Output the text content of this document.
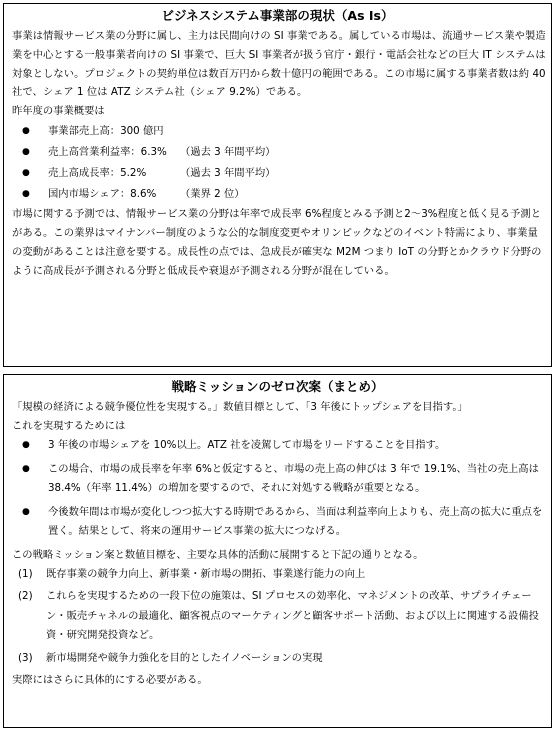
ビジネスシステム事業部の現状（As Is）

事業は情報サービス業の分野に属し、主力は民間向けの SI 事業である。属している市場は、流通サービス業や製造業を中心とする一般事業者向けの SI 事業で、巨大 SI 事業者が扱う官庁・銀行・電話会社などの巨大 IT システムは対象としない。プロジェクトの契約単位は数百万円から数十億円の範囲である。この市場に属する事業者数は約 40 社で、シェア 1 位は ATZ システム社（シェア 9.2%）である。

昨年度の事業概要は

●	事業部売上高：300 億円
●	売上高営業利益率：6.3% （過去 3 年間平均）
●	売上高成長率：5.2%	（過去 3 年間平均）
●	国内市場シェア：8.6% （業界 2 位）

市場に関する予測では、情報サービス業の分野は年率で成長率 6%程度とみる予測と2～3%程度と低く見る予測とがある。この業界はマイナンバー制度のような公的な制度変更やオリンピックなどのイベント特需により、事業量の変動があることは注意を要する。成長性の点では、急成長が確実な M2M つまり IoT の分野とかクラウド分野のように高成長が予測される分野と低成長や衰退が予測される分野が混在している。

戦略ミッションのゼロ次案（まとめ）

「規模の経済による競争優位性を実現する。」数値目標として、「3 年後にトップシェアを目指す。」

これを実現するためには

●	3 年後の市場シェアを 10%以上。ATZ 社を凌駕して市場をリードすることを目指す。
●	この場合、市場の成長率を年率 6%と仮定すると、市場の売上高の伸びは 3 年で 19.1%、当社の売上高は 38.4%（年率 11.4%）の増加を要するので、それに対処する戦略が重要となる。
●	今後数年間は市場が変化しつつ拡大する時期であるから、当面は利益率向上よりも、売上高の拡大に重点を置く。結果として、将来の運用サービス事業の拡大につなげる。

この戦略ミッション案と数値目標を、主要な具体的活動に展開すると下記の通りとなる。

(1)	既存事業の競争力向上、新事業・新市場の開拓、事業遂行能力の向上
(2)	これらを実現するための一段下位の施策は、SI プロセスの効率化、マネジメントの改革、サプライチェーン・販売チャネルの最適化、顧客視点のマーケティングと顧客サポート活動、および以上に関連する設備投資・研究開発投資など。
(3)	新市場開発や競争力強化を目的としたイノベーションの実現

実際にはさらに具体的にする必要がある。
